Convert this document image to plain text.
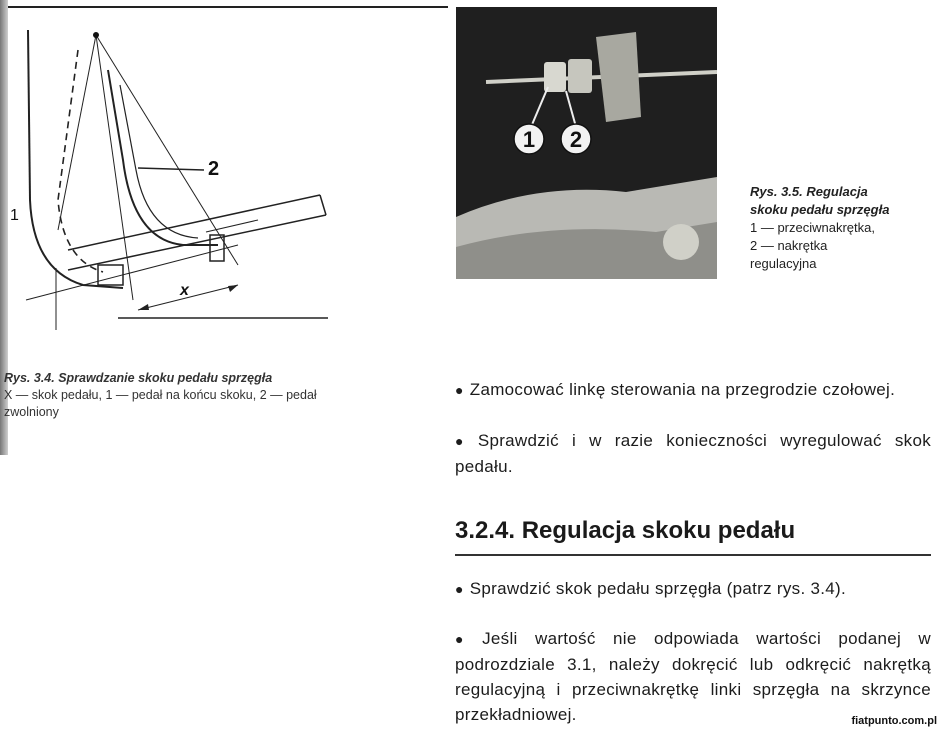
1
2
x
Rys. 3.4. Sprawdzanie skoku pedału sprzęgła
X — skok pedału, 1 — pedał na końcu skoku, 2 — pedał
zwolniony
1 2
Rys. 3.5. Regulacja
skoku pedału sprzęgła
1 — przeciwnakrętka,
2 — nakrętka
regulacyjna
● Zamocować linkę sterowania na przegrodzie czołowej.
● Sprawdzić i w razie konieczności wyregulować skok pedału.
3.2.4. Regulacja skoku pedału
● Sprawdzić skok pedału sprzęgła (patrz rys. 3.4).
● Jeśli wartość nie odpowiada wartości podanej w podrozdziale 3.1, należy dokręcić lub odkręcić nakrętką regulacyjną i przeciwnakrętkę linki sprzęgła na skrzynce przekładniowej.	fiatpunto.com.pl
